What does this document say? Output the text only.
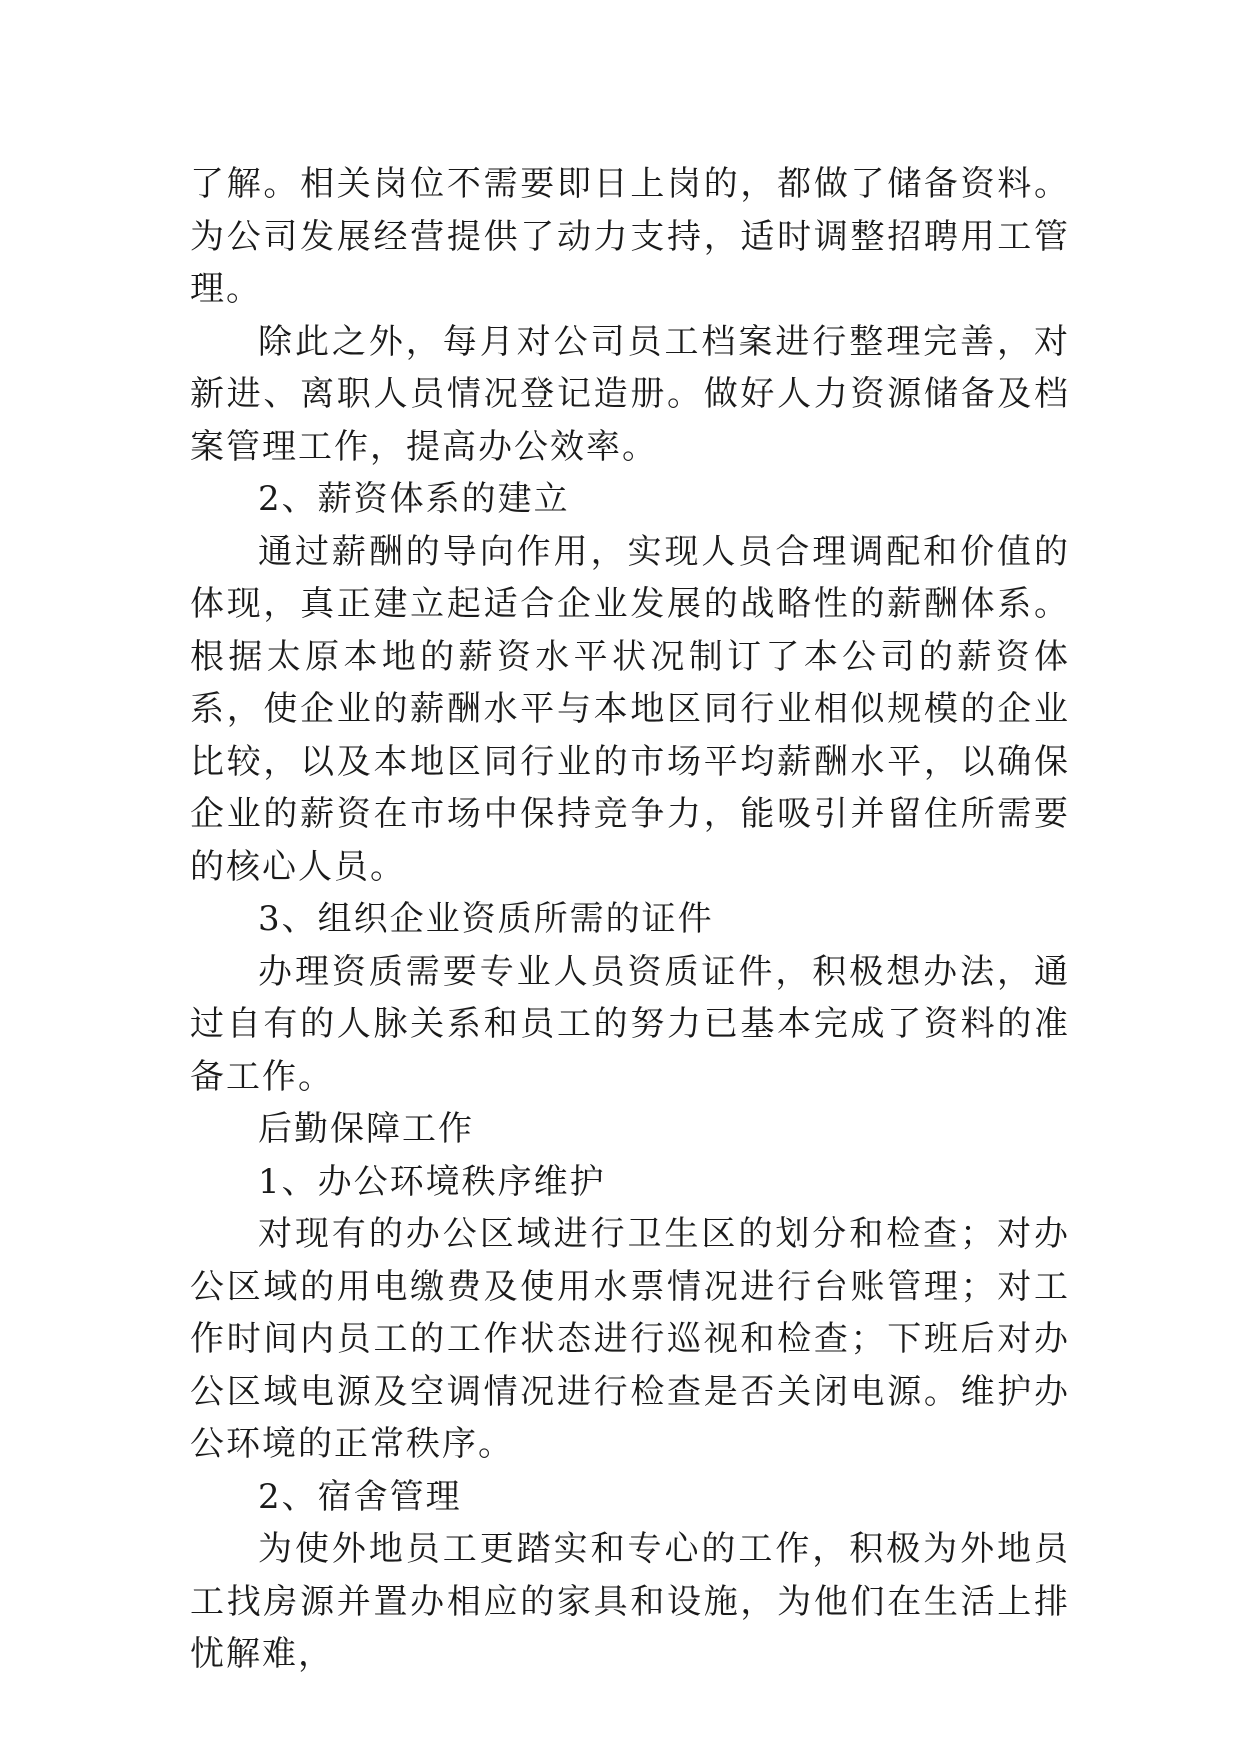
了解。相关岗位不需要即日上岗的，都做了储备资料。为公司发展经营提供了动力支持，适时调整招聘用工管理。

除此之外，每月对公司员工档案进行整理完善，对新进、离职人员情况登记造册。做好人力资源储备及档案管理工作，提高办公效率。

2、薪资体系的建立

通过薪酬的导向作用，实现人员合理调配和价值的体现，真正建立起适合企业发展的战略性的薪酬体系。根据太原本地的薪资水平状况制订了本公司的薪资体系，使企业的薪酬水平与本地区同行业相似规模的企业比较，以及本地区同行业的市场平均薪酬水平，以确保企业的薪资在市场中保持竞争力，能吸引并留住所需要的核心人员。

3、组织企业资质所需的证件

办理资质需要专业人员资质证件，积极想办法，通过自有的人脉关系和员工的努力已基本完成了资料的准备工作。

后勤保障工作

1、办公环境秩序维护

对现有的办公区域进行卫生区的划分和检查；对办公区域的用电缴费及使用水票情况进行台账管理；对工作时间内员工的工作状态进行巡视和检查；下班后对办公区域电源及空调情况进行检查是否关闭电源。维护办公环境的正常秩序。

2、宿舍管理

为使外地员工更踏实和专心的工作，积极为外地员工找房源并置办相应的家具和设施，为他们在生活上排忧解难，
